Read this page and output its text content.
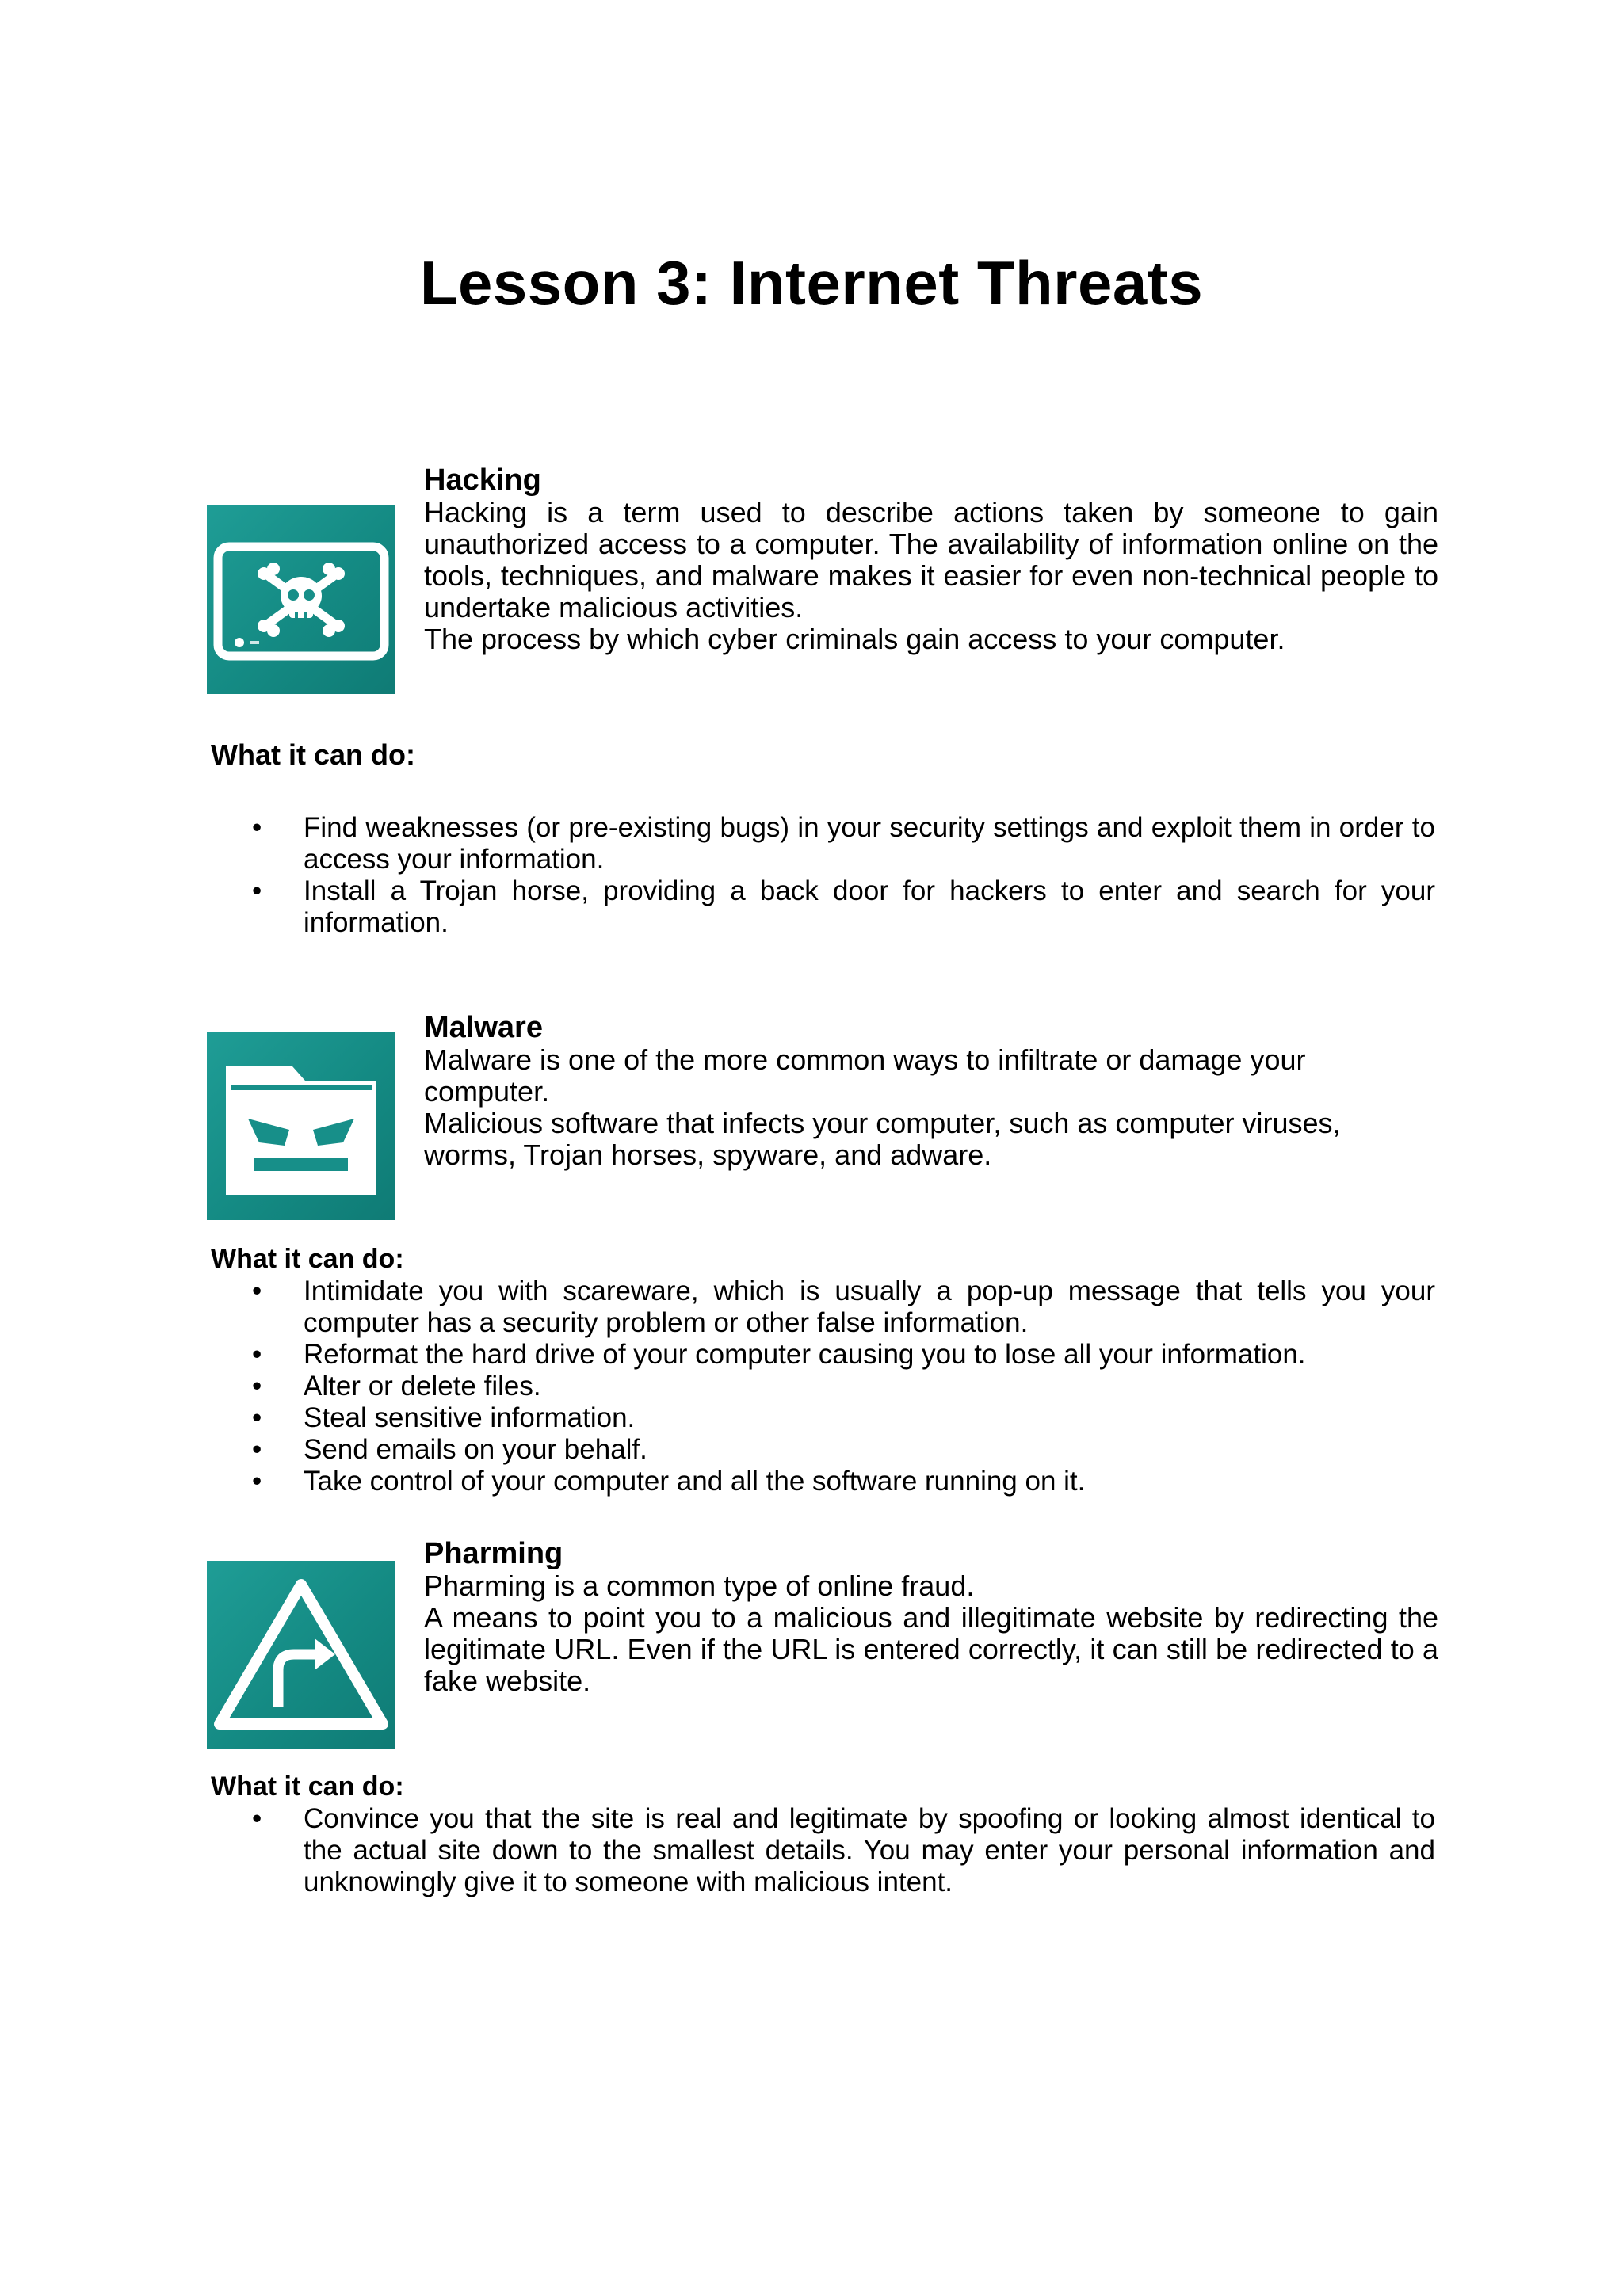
Lesson 3: Internet Threats
Hacking

Hacking is a term used to describe actions taken by someone to gain unauthorized access to a computer. The availability of information online on the tools, techniques, and malware makes it easier for even non-technical people to undertake malicious activities.

The process by which cyber criminals gain access to your computer.

What it can do:

• Find weaknesses (or pre-existing bugs) in your security settings and exploit them in order to access your information.
• Install a Trojan horse, providing a back door for hackers to enter and search for your information.
Malware

Malware is one of the more common ways to infiltrate or damage your computer.

Malicious software that infects your computer, such as computer viruses, worms, Trojan horses, spyware, and adware.

What it can do:

• Intimidate you with scareware, which is usually a pop-up message that tells you your computer has a security problem or other false information.
• Reformat the hard drive of your computer causing you to lose all your information.
• Alter or delete files.
• Steal sensitive information.
• Send emails on your behalf.
• Take control of your computer and all the software running on it.
Pharming

Pharming is a common type of online fraud.

A means to point you to a malicious and illegitimate website by redirecting the legitimate URL. Even if the URL is entered correctly, it can still be redirected to a fake website.

What it can do:

• Convince you that the site is real and legitimate by spoofing or looking almost identical to the actual site down to the smallest details. You may enter your personal information and unknowingly give it to someone with malicious intent.
